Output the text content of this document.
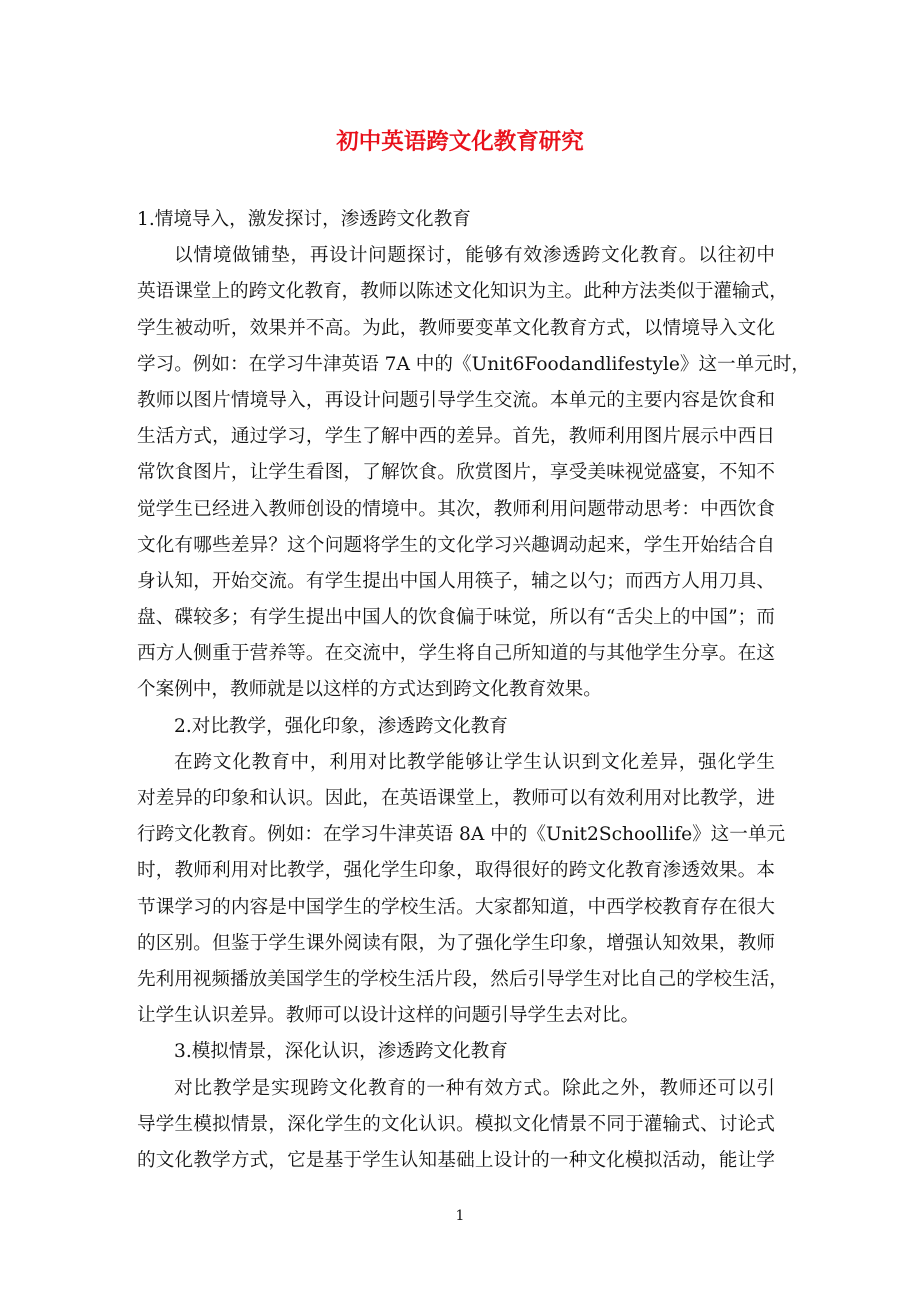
初中英语跨文化教育研究
1.情境导入，激发探讨，渗透跨文化教育
以情境做铺垫，再设计问题探讨，能够有效渗透跨文化教育。以往初中
英语课堂上的跨文化教育，教师以陈述文化知识为主。此种方法类似于灌输式，
学生被动听，效果并不高。为此，教师要变革文化教育方式，以情境导入文化
学习。例如：在学习牛津英语 7A 中的《Unit6Foodandlifestyle》这一单元时，
教师以图片情境导入，再设计问题引导学生交流。本单元的主要内容是饮食和
生活方式，通过学习，学生了解中西的差异。首先，教师利用图片展示中西日
常饮食图片，让学生看图，了解饮食。欣赏图片，享受美味视觉盛宴，不知不
觉学生已经进入教师创设的情境中。其次，教师利用问题带动思考：中西饮食
文化有哪些差异？这个问题将学生的文化学习兴趣调动起来，学生开始结合自
身认知，开始交流。有学生提出中国人用筷子，辅之以勺；而西方人用刀具、
盘、碟较多；有学生提出中国人的饮食偏于味觉，所以有“舌尖上的中国”；而
西方人侧重于营养等。在交流中，学生将自己所知道的与其他学生分享。在这
个案例中，教师就是以这样的方式达到跨文化教育效果。
2.对比教学，强化印象，渗透跨文化教育
在跨文化教育中，利用对比教学能够让学生认识到文化差异，强化学生
对差异的印象和认识。因此，在英语课堂上，教师可以有效利用对比教学，进
行跨文化教育。例如：在学习牛津英语 8A 中的《Unit2Schoollife》这一单元
时，教师利用对比教学，强化学生印象，取得很好的跨文化教育渗透效果。本
节课学习的内容是中国学生的学校生活。大家都知道，中西学校教育存在很大
的区别。但鉴于学生课外阅读有限，为了强化学生印象，增强认知效果，教师
先利用视频播放美国学生的学校生活片段，然后引导学生对比自己的学校生活，
让学生认识差异。教师可以设计这样的问题引导学生去对比。
3.模拟情景，深化认识，渗透跨文化教育
对比教学是实现跨文化教育的一种有效方式。除此之外，教师还可以引
导学生模拟情景，深化学生的文化认识。模拟文化情景不同于灌输式、讨论式
的文化教学方式，它是基于学生认知基础上设计的一种文化模拟活动，能让学
1
